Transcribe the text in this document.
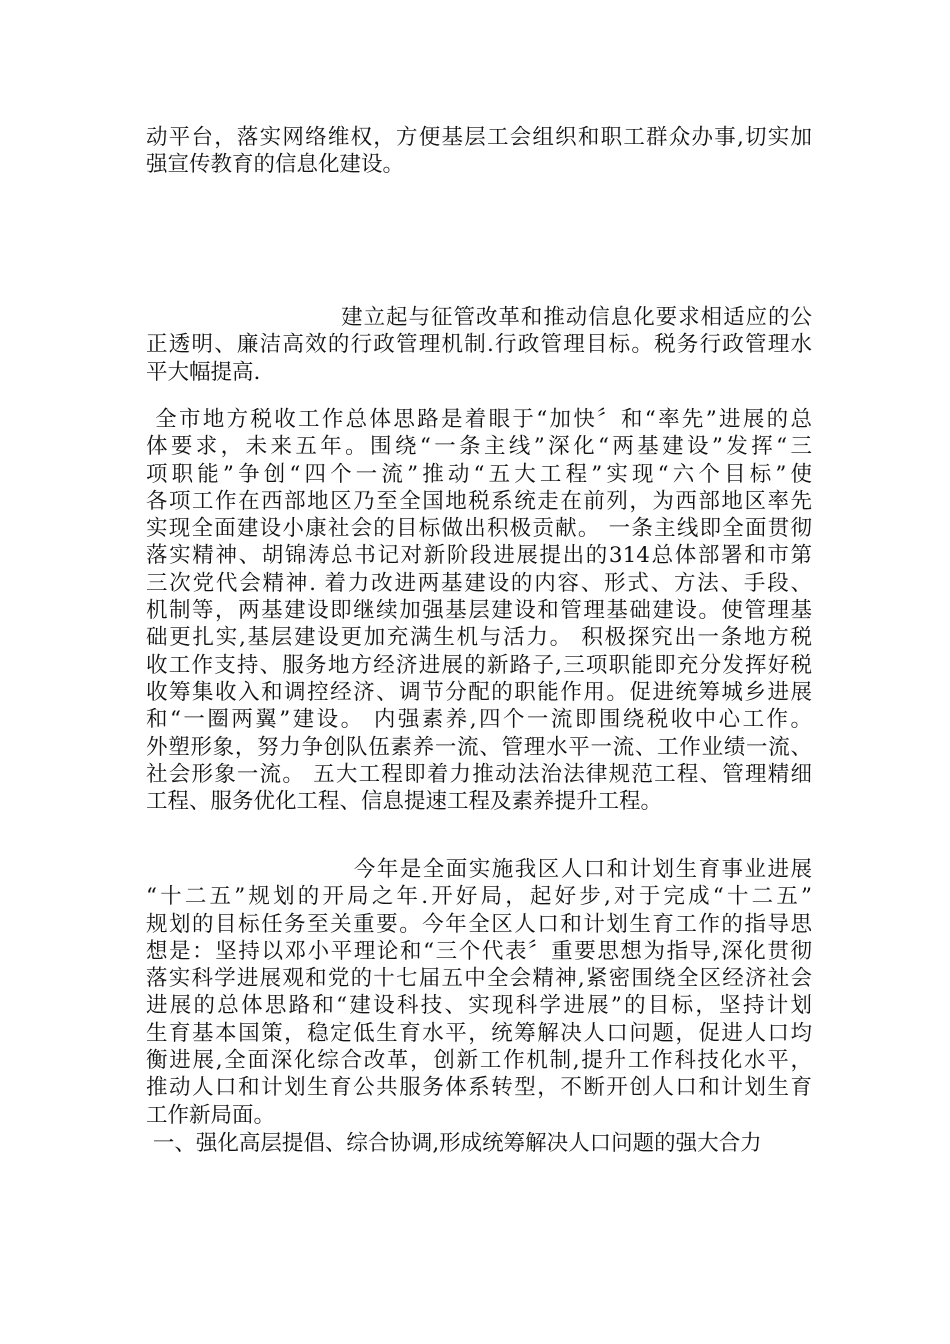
动平台，落实网络维权，方便基层工会组织和职工群众办事,切实加
强宣传教育的信息化建设。
建立起与征管改革和推动信息化要求相适应的公
正透明、廉洁高效的行政管理机制.行政管理目标。税务行政管理水
平大幅提高.
全市地方税收工作总体思路是着眼于“加快〞和“率先”进展的总
体要求，未来五年。围绕“一条主线”深化“两基建设”发挥“三
项职能”争创“四个一流”推动“五大工程”实现“六个目标”使
各项工作在西部地区乃至全国地税系统走在前列，为西部地区率先
实现全面建设小康社会的目标做出积极贡献。 一条主线即全面贯彻
落实精神、胡锦涛总书记对新阶段进展提出的314总体部署和市第
三次党代会精神. 着力改进两基建设的内容、形式、方法、手段、
机制等，两基建设即继续加强基层建设和管理基础建设。使管理基
础更扎实,基层建设更加充满生机与活力。 积极探究出一条地方税
收工作支持、服务地方经济进展的新路子,三项职能即充分发挥好税
收筹集收入和调控经济、调节分配的职能作用。促进统筹城乡进展
和“一圈两翼”建设。 内强素养,四个一流即围绕税收中心工作。
外塑形象，努力争创队伍素养一流、管理水平一流、工作业绩一流、
社会形象一流。 五大工程即着力推动法治法律规范工程、管理精细
工程、服务优化工程、信息提速工程及素养提升工程。
今年是全面实施我区人口和计划生育事业进展
“十二五”规划的开局之年.开好局，起好步,对于完成“十二五”
规划的目标任务至关重要。今年全区人口和计划生育工作的指导思
想是：坚持以邓小平理论和“三个代表〞重要思想为指导,深化贯彻
落实科学进展观和党的十七届五中全会精神,紧密围绕全区经济社会
进展的总体思路和“建设科技、实现科学进展”的目标，坚持计划
生育基本国策，稳定低生育水平，统筹解决人口问题，促进人口均
衡进展,全面深化综合改革，创新工作机制,提升工作科技化水平，
推动人口和计划生育公共服务体系转型，不断开创人口和计划生育
工作新局面。
一、强化高层提倡、综合协调,形成统筹解决人口问题的强大合力
